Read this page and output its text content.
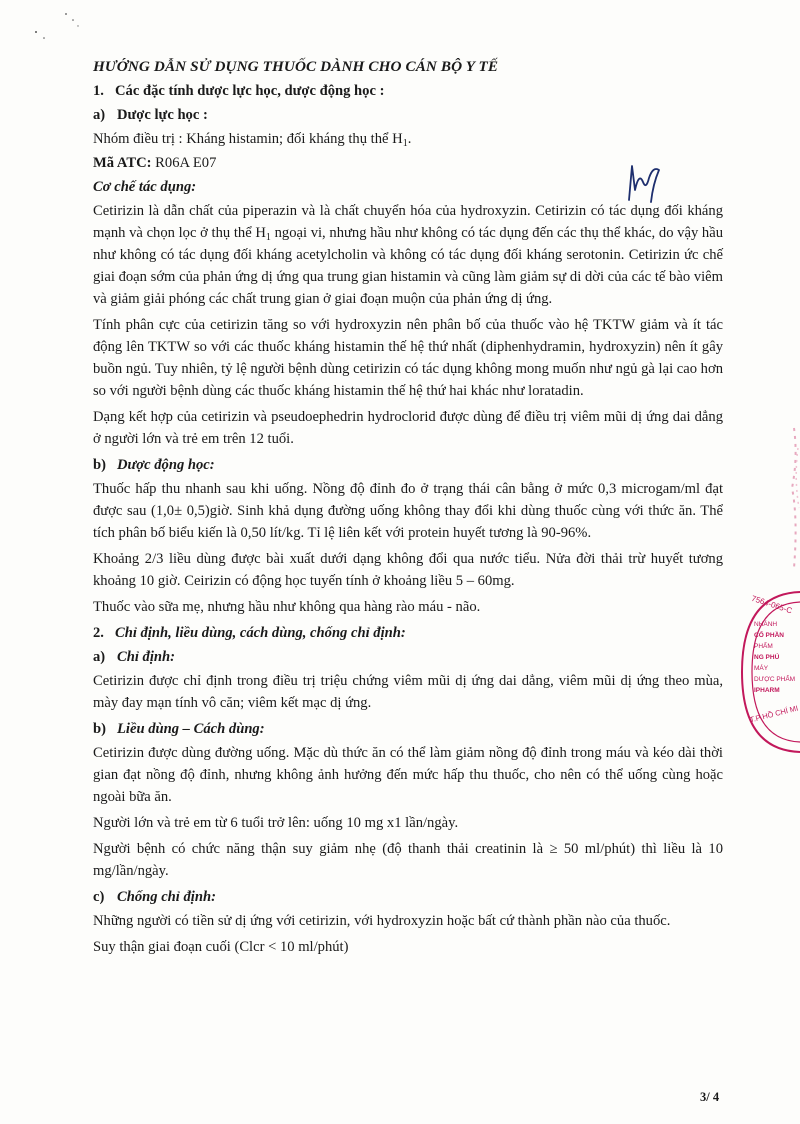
HƯỚNG DẪN SỬ DỤNG THUỐC DÀNH CHO CÁN BỘ Y TẾ
1. Các đặc tính dược lực học, dược động học :
a) Dược lực học :
Nhóm điều trị : Kháng histamin; đối kháng thụ thể $H_1$.
Mã ATC: R06A E07
Cơ chế tác dụng:

Cetirizin là dẫn chất của piperazin và là chất chuyển hóa của hydroxyzin. Cetirizin có tác dụng đối kháng mạnh và chọn lọc ở thụ thể $H_1$ ngoại vi, nhưng hầu như không có tác dụng đến các thụ thể khác, do vậy hầu như không có tác dụng đối kháng acetylcholin và không có tác dụng đối kháng serotonin. Cetirizin ức chế giai đoạn sớm của phản ứng dị ứng qua trung gian histamin và cũng làm giảm sự di dời của các tế bào viêm và giảm giải phóng các chất trung gian ở giai đoạn muộn của phản ứng dị ứng.

Tính phân cực của cetirizin tăng so với hydroxyzin nên phân bố của thuốc vào hệ TKTW giảm và ít tác động lên TKTW so với các thuốc kháng histamin thế hệ thứ nhất (diphenhydramin, hydroxyzin) nên ít gây buồn ngủ. Tuy nhiên, tỷ lệ người bệnh dùng cetirizin có tác dụng không mong muốn như ngủ gà lại cao hơn so với người bệnh dùng các thuốc kháng histamin thế hệ thứ hai khác như loratadin.

Dạng kết hợp của cetirizin và pseudoephedrin hydroclorid được dùng để điều trị viêm mũi dị ứng dai dẳng ở người lớn và trẻ em trên 12 tuổi.

b) Dược động học:

Thuốc hấp thu nhanh sau khi uống. Nồng độ đỉnh đo ở trạng thái cân bằng ở mức 0,3 microgam/ml đạt được sau (1,0± 0,5)giờ. Sinh khả dụng đường uống không thay đổi khi dùng thuốc cùng với thức ăn. Thể tích phân bố biểu kiến là 0,50 lít/kg. Tỉ lệ liên kết với protein huyết tương là 90-96%.

Khoảng 2/3 liều dùng được bài xuất dưới dạng không đổi qua nước tiểu. Nửa đời thải trừ huyết tương khoảng 10 giờ. Ceirizin có động học tuyến tính ở khoảng liều 5 – 60mg.

Thuốc vào sữa mẹ, nhưng hầu như không qua hàng rào máu - não.

2. Chỉ định, liều dùng, cách dùng, chống chỉ định:
a) Chỉ định:

Cetirizin được chỉ định trong điều trị triệu chứng viêm mũi dị ứng dai dẳng, viêm mũi dị ứng theo mùa, mày đay mạn tính vô căn; viêm kết mạc dị ứng.

b) Liều dùng – Cách dùng:

Cetirizin được dùng đường uống. Mặc dù thức ăn có thể làm giảm nồng độ đỉnh trong máu và kéo dài thời gian đạt nồng độ đỉnh, nhưng không ảnh hưởng đến mức hấp thu thuốc, cho nên có thể uống cùng hoặc ngoài bữa ăn.

Người lớn và trẻ em từ 6 tuổi trở lên: uống 10 mg x1 lần/ngày.

Người bệnh có chức năng thận suy giảm nhẹ (độ thanh thải creatinin là ≥ 50 ml/phút) thì liều là 10 mg/lần/ngày.

c) Chống chỉ định:

Những người có tiền sử dị ứng với cetirizin, với hydroxyzin hoặc bất cứ thành phần nào của thuốc.

Suy thận giai đoạn cuối (Clcr < 10 ml/phút)

7564-065-C
NHÁNH
CỔ PHẦN
PHẨM
NG PHÚ
MÁY
DƯỢC PHẨM
IPHARM
T.P HỒ CHÍ MI
3/ 4
